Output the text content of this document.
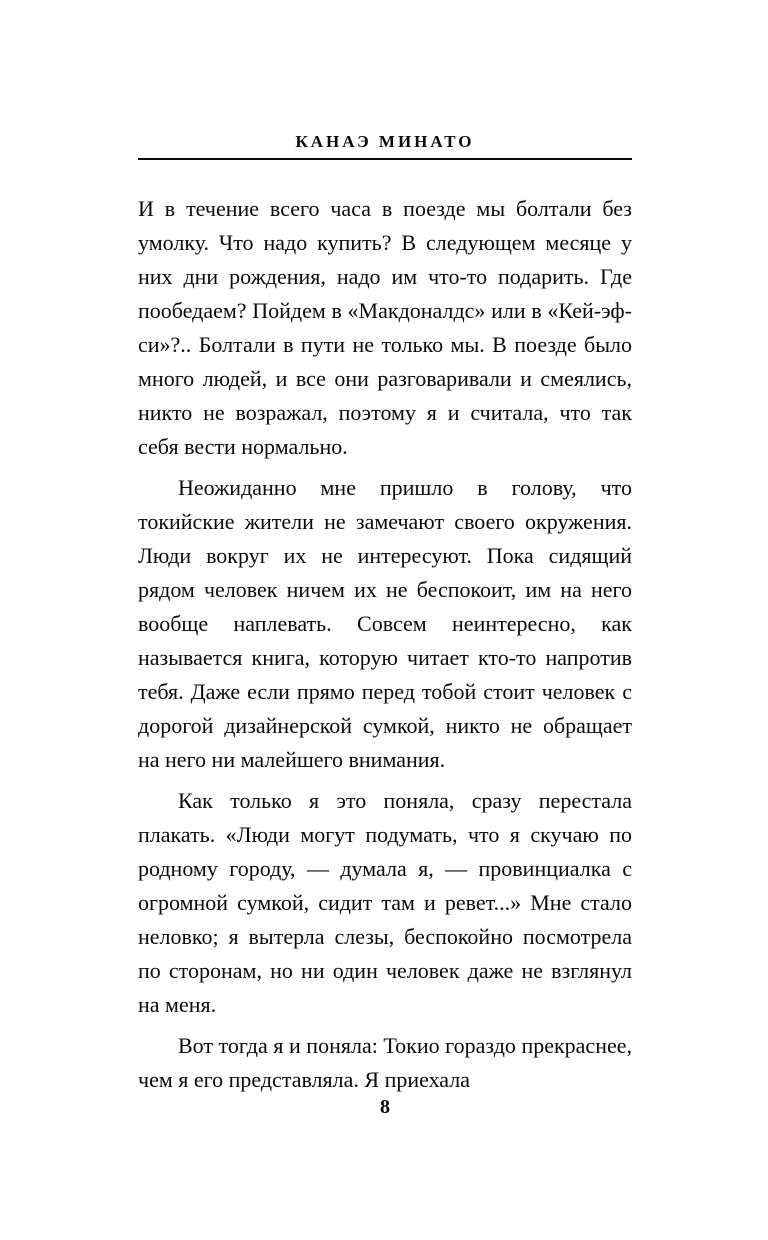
КАНАЭ МИНАТО

И в течение всего часа в поезде мы болтали без умолку. Что надо купить? В следующем месяце у них дни рождения, надо им что-то подарить. Где пообедаем? Пойдем в «Макдоналдс» или в «Кей-эф-си»?.. Болтали в пути не только мы. В поезде было много людей, и все они разговаривали и смеялись, никто не возражал, поэтому я и считала, что так себя вести нормально.

Неожиданно мне пришло в голову, что токийские жители не замечают своего окружения. Люди вокруг их не интересуют. Пока сидящий рядом человек ничем их не беспокоит, им на него вообще наплевать. Совсем неинтересно, как называется книга, которую читает кто-то напротив тебя. Даже если прямо перед тобой стоит человек с дорогой дизайнерской сумкой, никто не обращает на него ни малейшего внимания.

Как только я это поняла, сразу перестала плакать. «Люди могут подумать, что я скучаю по родному городу, — думала я, — провинциалка с огромной сумкой, сидит там и ревет...» Мне стало неловко; я вытерла слезы, беспокойно посмотрела по сторонам, но ни один человек даже не взглянул на меня.

Вот тогда я и поняла: Токио гораздо прекраснее, чем я его представляла. Я приехала

8
